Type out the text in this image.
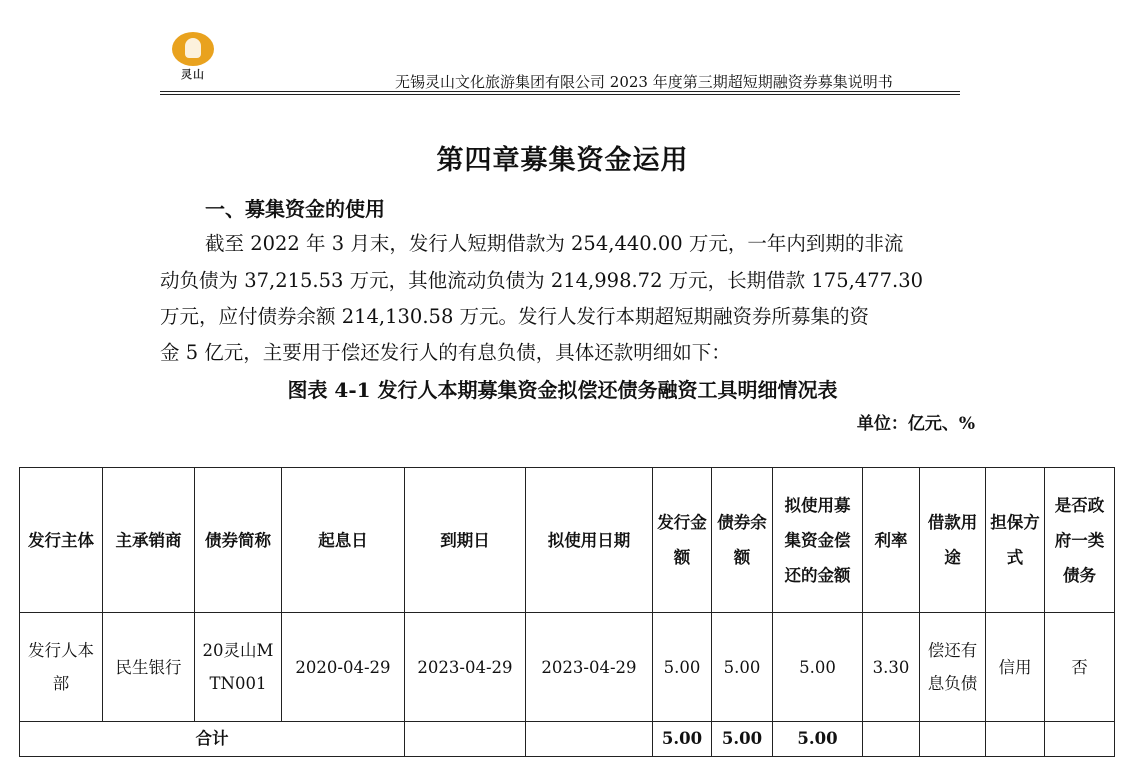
灵山	无锡灵山文化旅游集团有限公司 2023 年度第三期超短期融资券募集说明书
第四章募集资金运用
一、募集资金的使用
截至 2022 年 3 月末，发行人短期借款为 254,440.00 万元，一年内到期的非流
动负债为 37,215.53 万元，其他流动负债为 214,998.72 万元，长期借款 175,477.30
万元，应付债券余额 214,130.58 万元。发行人发行本期超短期融资券所募集的资
金 5 亿元，主要用于偿还发行人的有息负债，具体还款明细如下：
图表 4-1 发行人本期募集资金拟偿还债务融资工具明细情况表
单位：亿元、%
发行主体	主承销商	债券简称	起息日	到期日	拟使用日期	发行金额	债券余额	拟使用募集资金偿还的金额	利率	借款用途	担保方式	是否政府一类债务
发行人本部	民生银行	20灵山MTN001	2020-04-29	2023-04-29	2023-04-29	5.00	5.00	5.00	3.30	偿还有息负债	信用	否
合计						5.00	5.00	5.00				
